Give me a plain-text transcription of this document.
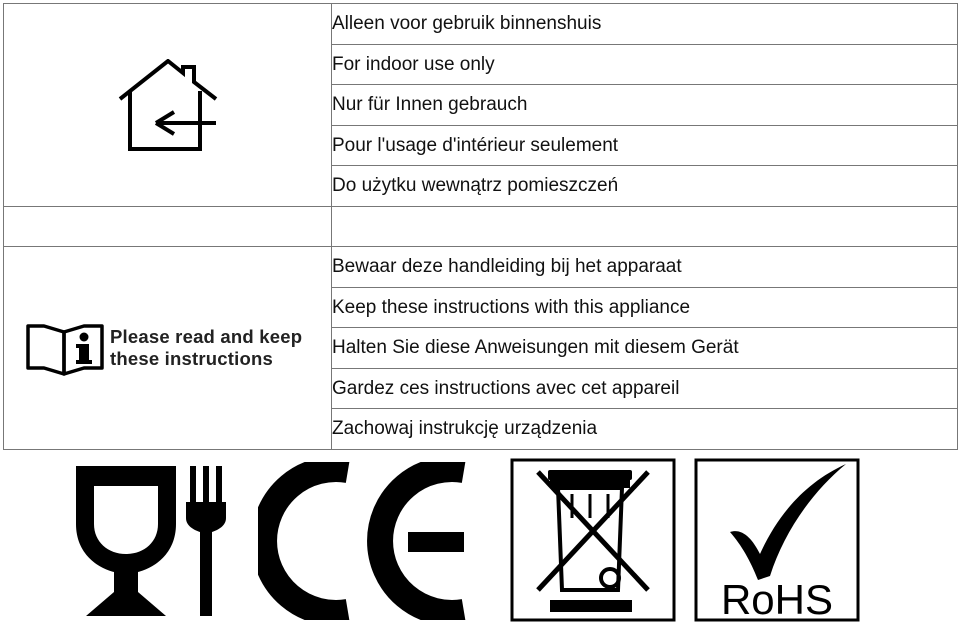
	Alleen voor gebruik binnenshuis
	For indoor use only
	Nur für Innen gebrauch
	Pour l'usage d'intérieur seulement
	Do użytku wewnątrz pomieszczeń

Please read and keep
these instructions	Bewaar deze handleiding bij het apparaat
	Keep these instructions with this appliance
	Halten Sie diese Anweisungen mit diesem Gerät
	Gardez ces instructions avec cet appareil
	Zachowaj instrukcję urządzenia
RoHS
